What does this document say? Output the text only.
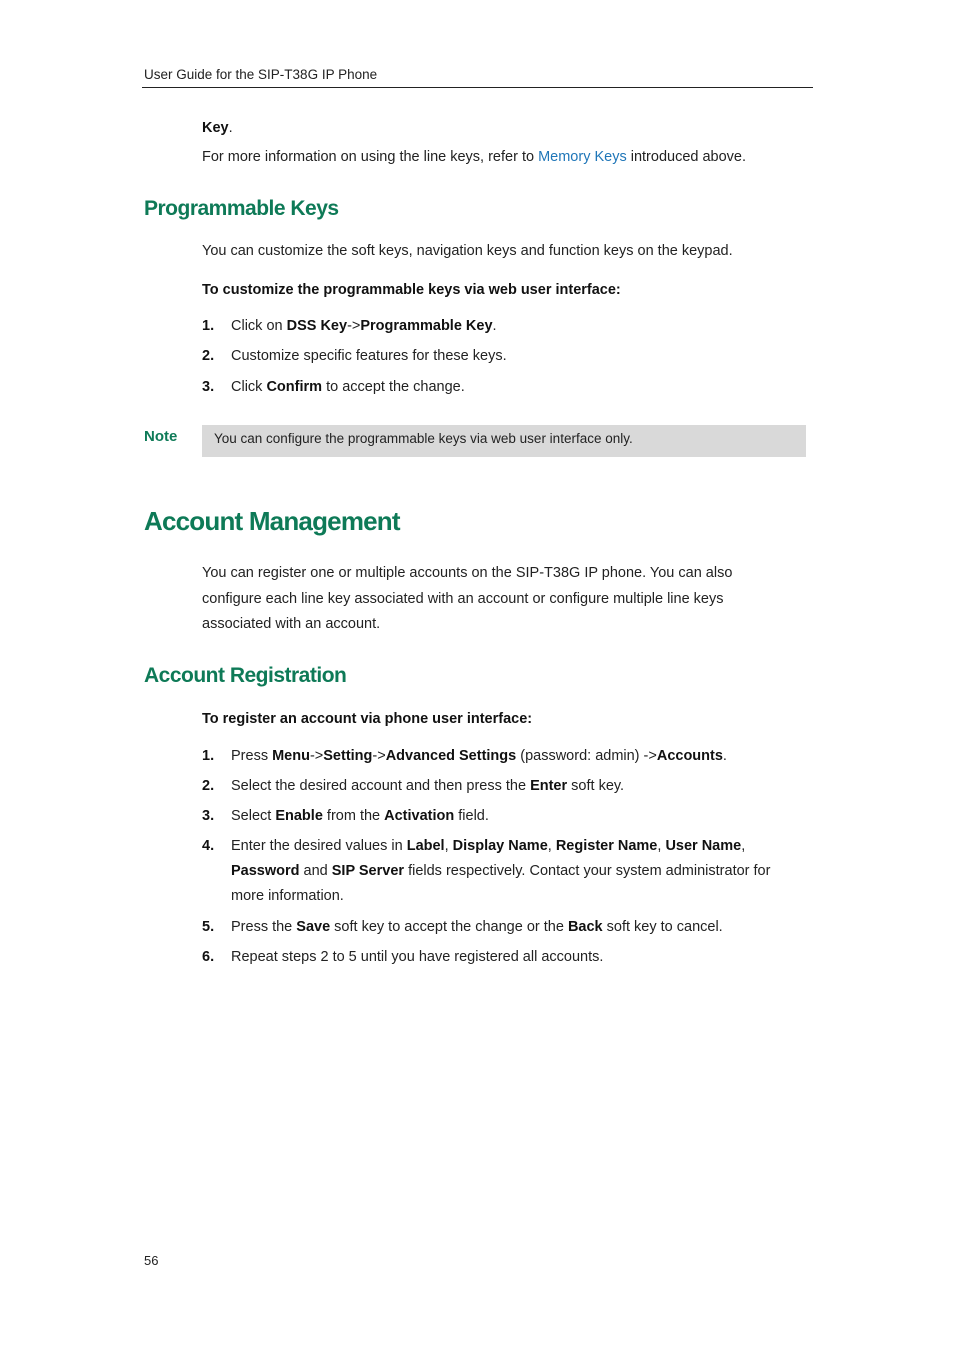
User Guide for the SIP-T38G IP Phone
Key.
For more information on using the line keys, refer to Memory Keys introduced above.
Programmable Keys
You can customize the soft keys, navigation keys and function keys on the keypad.
To customize the programmable keys via web user interface:
1. Click on DSS Key->Programmable Key.
2. Customize specific features for these keys.
3. Click Confirm to accept the change.
Note	You can configure the programmable keys via web user interface only.
Account Management
You can register one or multiple accounts on the SIP-T38G IP phone. You can also configure each line key associated with an account or configure multiple line keys associated with an account.
Account Registration
To register an account via phone user interface:
1. Press Menu->Setting->Advanced Settings (password: admin) ->Accounts.
2. Select the desired account and then press the Enter soft key.
3. Select Enable from the Activation field.
4. Enter the desired values in Label, Display Name, Register Name, User Name, Password and SIP Server fields respectively. Contact your system administrator for more information.
5. Press the Save soft key to accept the change or the Back soft key to cancel.
6. Repeat steps 2 to 5 until you have registered all accounts.
56
